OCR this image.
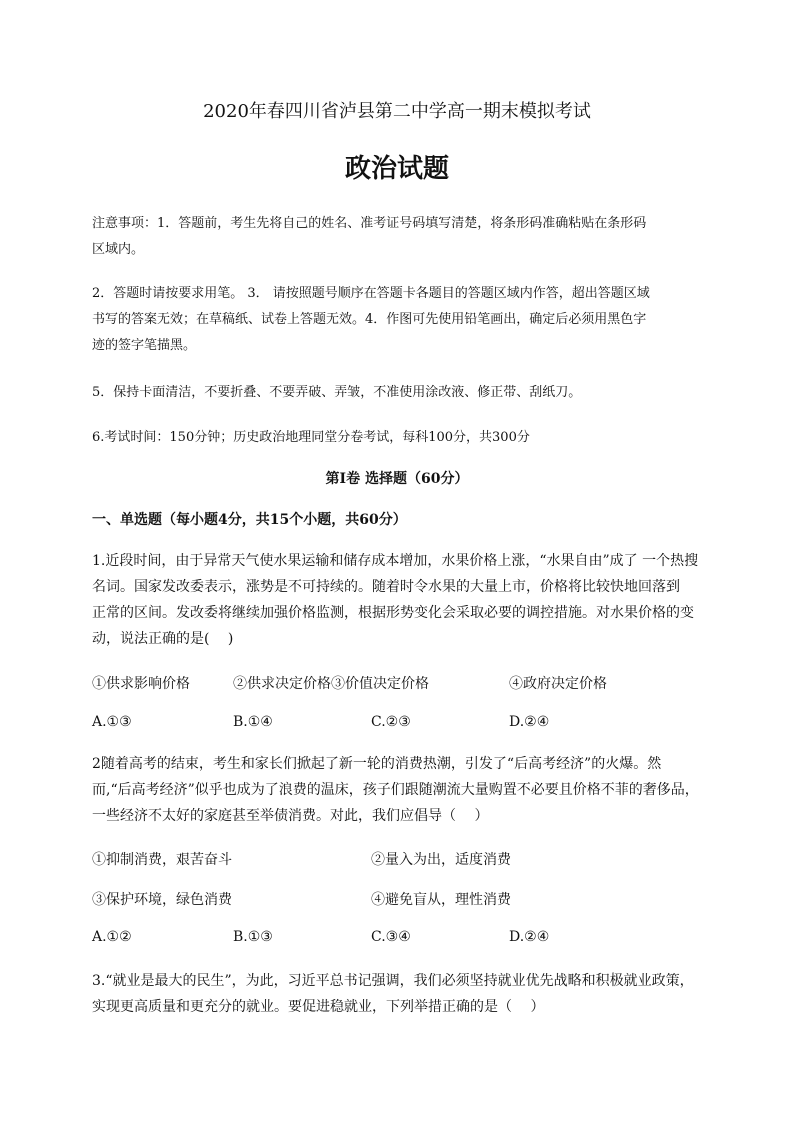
2020年春四川省泸县第二中学高一期末模拟考试
政治试题
注意事项：1．答题前，考生先将自己的姓名、准考证号码填写清楚，将条形码准确粘贴在条形码
区域内。
2．答题时请按要求用笔。 3． 请按照题号顺序在答题卡各题目的答题区域内作答，超出答题区域
书写的答案无效；在草稿纸、试卷上答题无效。4．作图可先使用铅笔画出，确定后必须用黑色字
迹的签字笔描黑。
5．保持卡面清洁，不要折叠、不要弄破、弄皱，不准使用涂改液、修正带、刮纸刀。
6.考试时间：150分钟；历史政治地理同堂分卷考试，每科100分，共300分
第Ⅰ卷 选择题（60分）
一、单选题（每小题4分，共15个小题，共60分）
1.近段时间，由于异常天气使水果运输和储存成本增加，水果价格上涨，“水果自由”成了 一个热搜
名词。国家发改委表示，涨势是不可持续的。随着时令水果的大量上市，价格将比较快地回落到
正常的区间。发改委将继续加强价格监测，根据形势变化会采取必要的调控措施。对水果价格的变
动，说法正确的是(　 )
①供求影响价格	②供求决定价格③价值决定价格	④政府决定价格
A.①③	B.①④	C.②③	D.②④
2随着高考的结束，考生和家长们掀起了新一轮的消费热潮，引发了“后高考经济”的火爆。然
而,“后高考经济”似乎也成为了浪费的温床，孩子们跟随潮流大量购置不必要且价格不菲的奢侈品，
一些经济不太好的家庭甚至举债消费。对此，我们应倡导（　 ）
①抑制消费，艰苦奋斗	②量入为出，适度消费
③保护环境，绿色消费	④避免盲从，理性消费
A.①②	B.①③	C.③④	D.②④
3.“就业是最大的民生”，为此，习近平总书记强调，我们必须坚持就业优先战略和积极就业政策，
实现更高质量和更充分的就业。要促进稳就业，下列举措正确的是（　 ）
